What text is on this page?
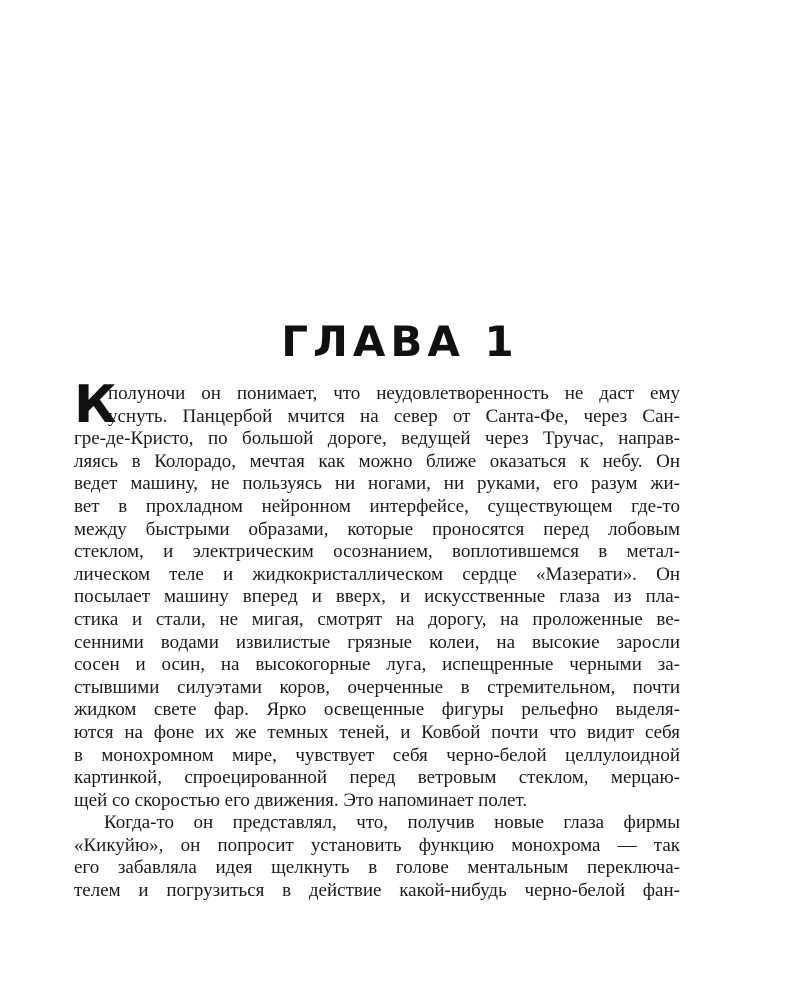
ГЛАВА 1
К
полуночи он понимает, что неудовлетворенность не даст ему
уснуть. Панцербой мчится на север от Санта-Фе, через Сан-
гре-де-Кристо, по большой дороге, ведущей через Тручас, направ-
ляясь в Колорадо, мечтая как можно ближе оказаться к небу. Он
ведет машину, не пользуясь ни ногами, ни руками, его разум жи-
вет в прохладном нейронном интерфейсе, существующем где-то
между быстрыми образами, которые проносятся перед лобовым
стеклом, и электрическим осознанием, воплотившемся в метал-
лическом теле и жидкокристаллическом сердце «Мазерати». Он
посылает машину вперед и вверх, и искусственные глаза из пла-
стика и стали, не мигая, смотрят на дорогу, на проложенные ве-
сенними водами извилистые грязные колеи, на высокие заросли
сосен и осин, на высокогорные луга, испещренные черными за-
стывшими силуэтами коров, очерченные в стремительном, почти
жидком свете фар. Ярко освещенные фигуры рельефно выделя-
ются на фоне их же темных теней, и Ковбой почти что видит себя
в монохромном мире, чувствует себя черно-белой целлулоидной
картинкой, спроецированной перед ветровым стеклом, мерцаю-
щей со скоростью его движения. Это напоминает полет.
Когда-то он представлял, что, получив новые глаза фирмы
«Кикуйю», он попросит установить функцию монохрома — так
его забавляла идея щелкнуть в голове ментальным переключа-
телем и погрузиться в действие какой-нибудь черно-белой фан-
